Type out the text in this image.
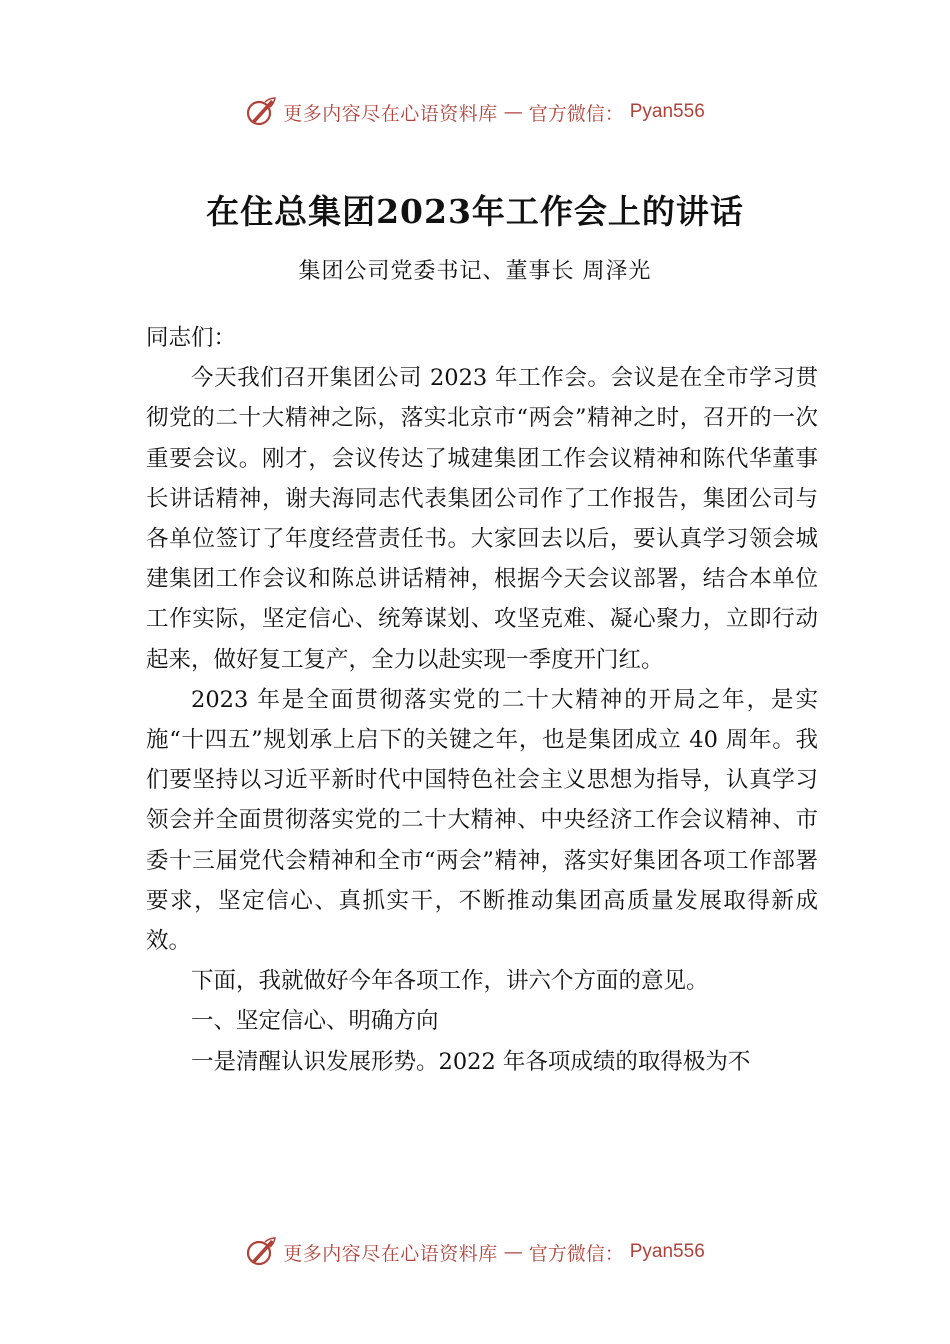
更多内容尽在心语资料库 — 官方微信： Pyan556
在住总集团2023年工作会上的讲话

集团公司党委书记、董事长 周泽光

同志们：

今天我们召开集团公司 2023 年工作会。会议是在全市学习贯彻党的二十大精神之际，落实北京市“两会”精神之时，召开的一次重要会议。刚才，会议传达了城建集团工作会议精神和陈代华董事长讲话精神，谢夫海同志代表集团公司作了工作报告，集团公司与各单位签订了年度经营责任书。大家回去以后，要认真学习领会城建集团工作会议和陈总讲话精神，根据今天会议部署，结合本单位工作实际，坚定信心、统筹谋划、攻坚克难、凝心聚力，立即行动起来，做好复工复产，全力以赴实现一季度开门红。

2023 年是全面贯彻落实党的二十大精神的开局之年，是实施“十四五”规划承上启下的关键之年，也是集团成立 40 周年。我们要坚持以习近平新时代中国特色社会主义思想为指导，认真学习领会并全面贯彻落实党的二十大精神、中央经济工作会议精神、市委十三届党代会精神和全市“两会”精神，落实好集团各项工作部署要求，坚定信心、真抓实干，不断推动集团高质量发展取得新成效。

下面，我就做好今年各项工作，讲六个方面的意见。

一、坚定信心、明确方向

一是清醒认识发展形势。2022 年各项成绩的取得极为不

更多内容尽在心语资料库 — 官方微信： Pyan556
